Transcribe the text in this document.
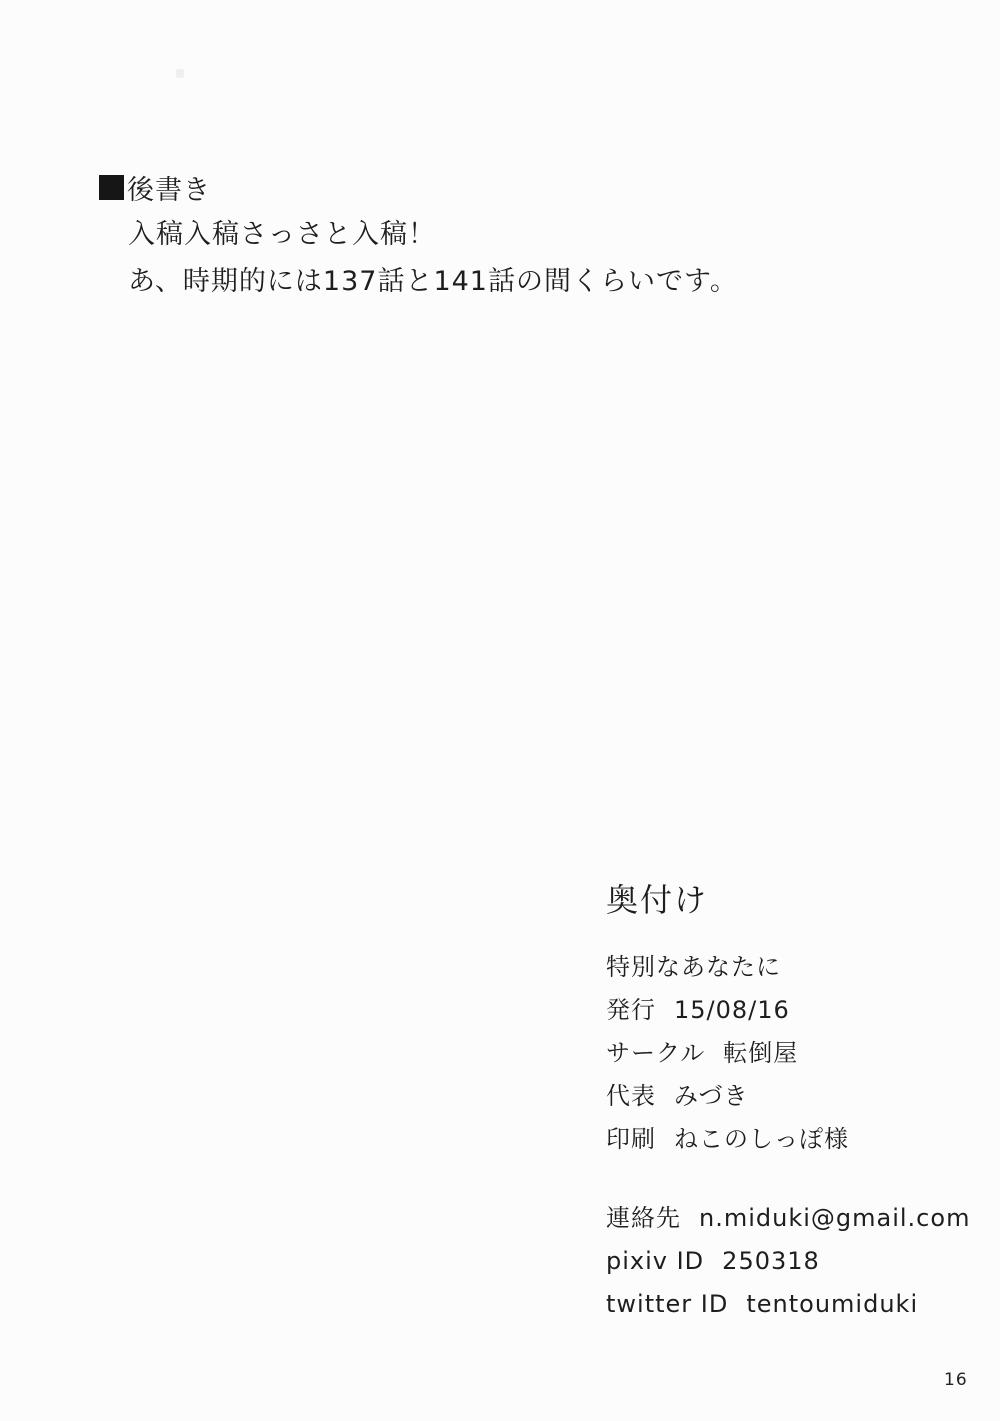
後書き

入稿入稿さっさと入稿！

あ、時期的には137話と141話の間くらいです。

奥付け

特別なあなたに

発行 15/08/16

サークル 転倒屋

代表 みづき

印刷 ねこのしっぽ様

連絡先 n.miduki@gmail.com

pixiv ID 250318

twitter ID tentoumiduki

16
